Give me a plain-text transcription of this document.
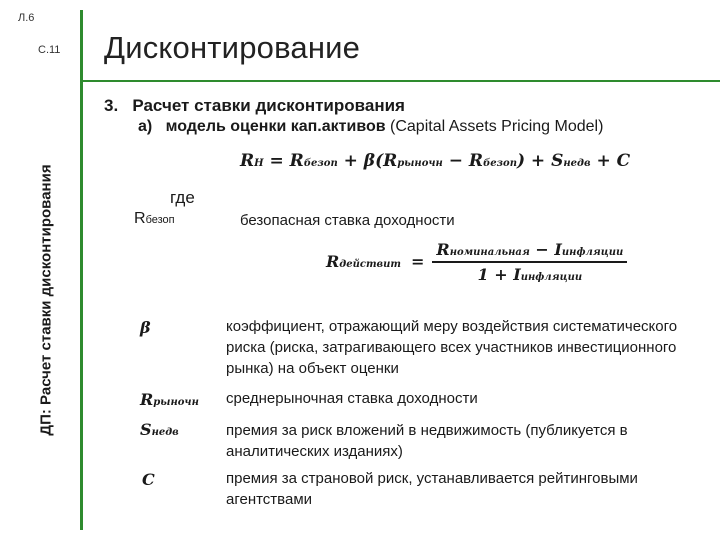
Л.6
С.11
ДП: Расчет ставки дисконтирования
Дисконтирование
3. Расчет ставки дисконтирования
а) модель оценки кап.активов (Capital Assets Pricing Model)
RН = Rбезоп + β(Rрыночн − Rбезоп) + Sнедв + C
где
Rбезоп	безопасная ставка доходности
Rдействит = $\frac{\text{Rноминальная − Iинфляции}}{\text{1 + Iинфляции}}$
β	коэффициент, отражающий меру воздействия систематического риска (риска, затрагивающего всех участников инвестиционного рынка) на объект оценки
Rрыночн среднерыночная ставка доходности
Sнедв	премия за риск вложений в недвижимость (публикуется в аналитических изданиях)
C	премия за страновой риск, устанавливается рейтинговыми агентствами
